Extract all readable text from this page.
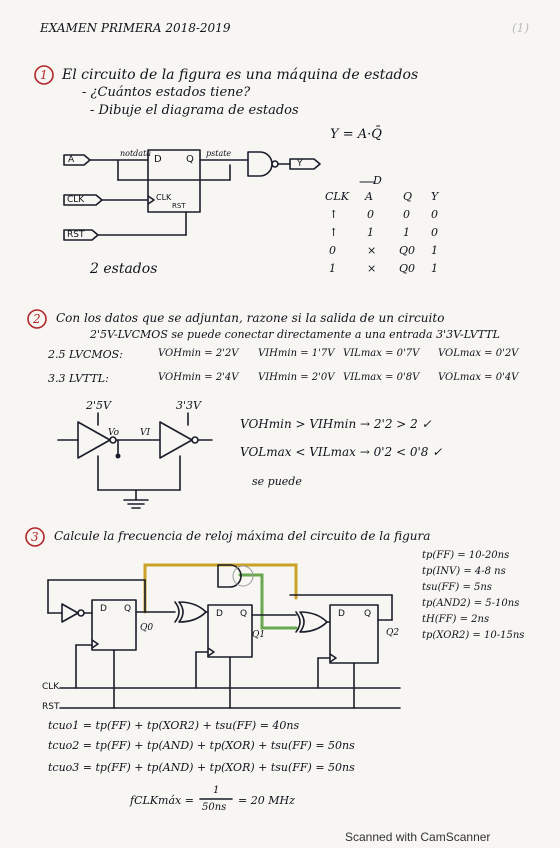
EXAMEN PRIMERA 2018-2019	(1)
1 El circuito de la figura es una máquina de estados
- ¿Cuántos estados tiene?
- Dibuje el diagrama de estados
A
CLK
RST
Y
notdata	pstate
D Q
CLK
RST
Y = A·Q̄
2 estados
CLK A
D
Q Y
↑	0	0 0
↑	1	1 0
0	× Q0 1
1	× Q0 1
2 Con los datos que se adjuntan, razone si la salida de un circuito
2'5V-LVCMOS se puede conectar directamente a una entrada 3'3V-LVTTL
2.5 LVCMOS:	VOHmin = 2'2V VIHmin = 1'7V VILmax = 0'7V VOLmax = 0'2V
3.3 LVTTL:	VOHmin = 2'4V VIHmin = 2'0V VILmax = 0'8V VOLmax = 0'4V
2'5V	3'3V
Vo VI
VOHmin > VIHmin → 2'2 > 2 ✓
VOLmax < VILmax → 0'2 < 0'8 ✓
se puede
3 Calcule la frecuencia de reloj máxima del circuito de la figura
tp(FF) = 10-20ns
tp(INV) = 4-8 ns
tsu(FF) = 5ns
tp(AND2) = 5-10ns
tH(FF) = 2ns
tp(XOR2) = 10-15ns
D Q	D Q	D Q
Q0
Q1	Q2
CLK
RST
tcuo1 = tp(FF) + tp(XOR2) + tsu(FF) = 40ns
tcuo2 = tp(FF) + tp(AND) + tp(XOR) + tsu(FF) = 50ns
tcuo3 = tp(FF) + tp(AND) + tp(XOR) + tsu(FF) = 50ns
fCLKmáx =
1
50ns
= 20 MHz
Scanned with CamScanner
